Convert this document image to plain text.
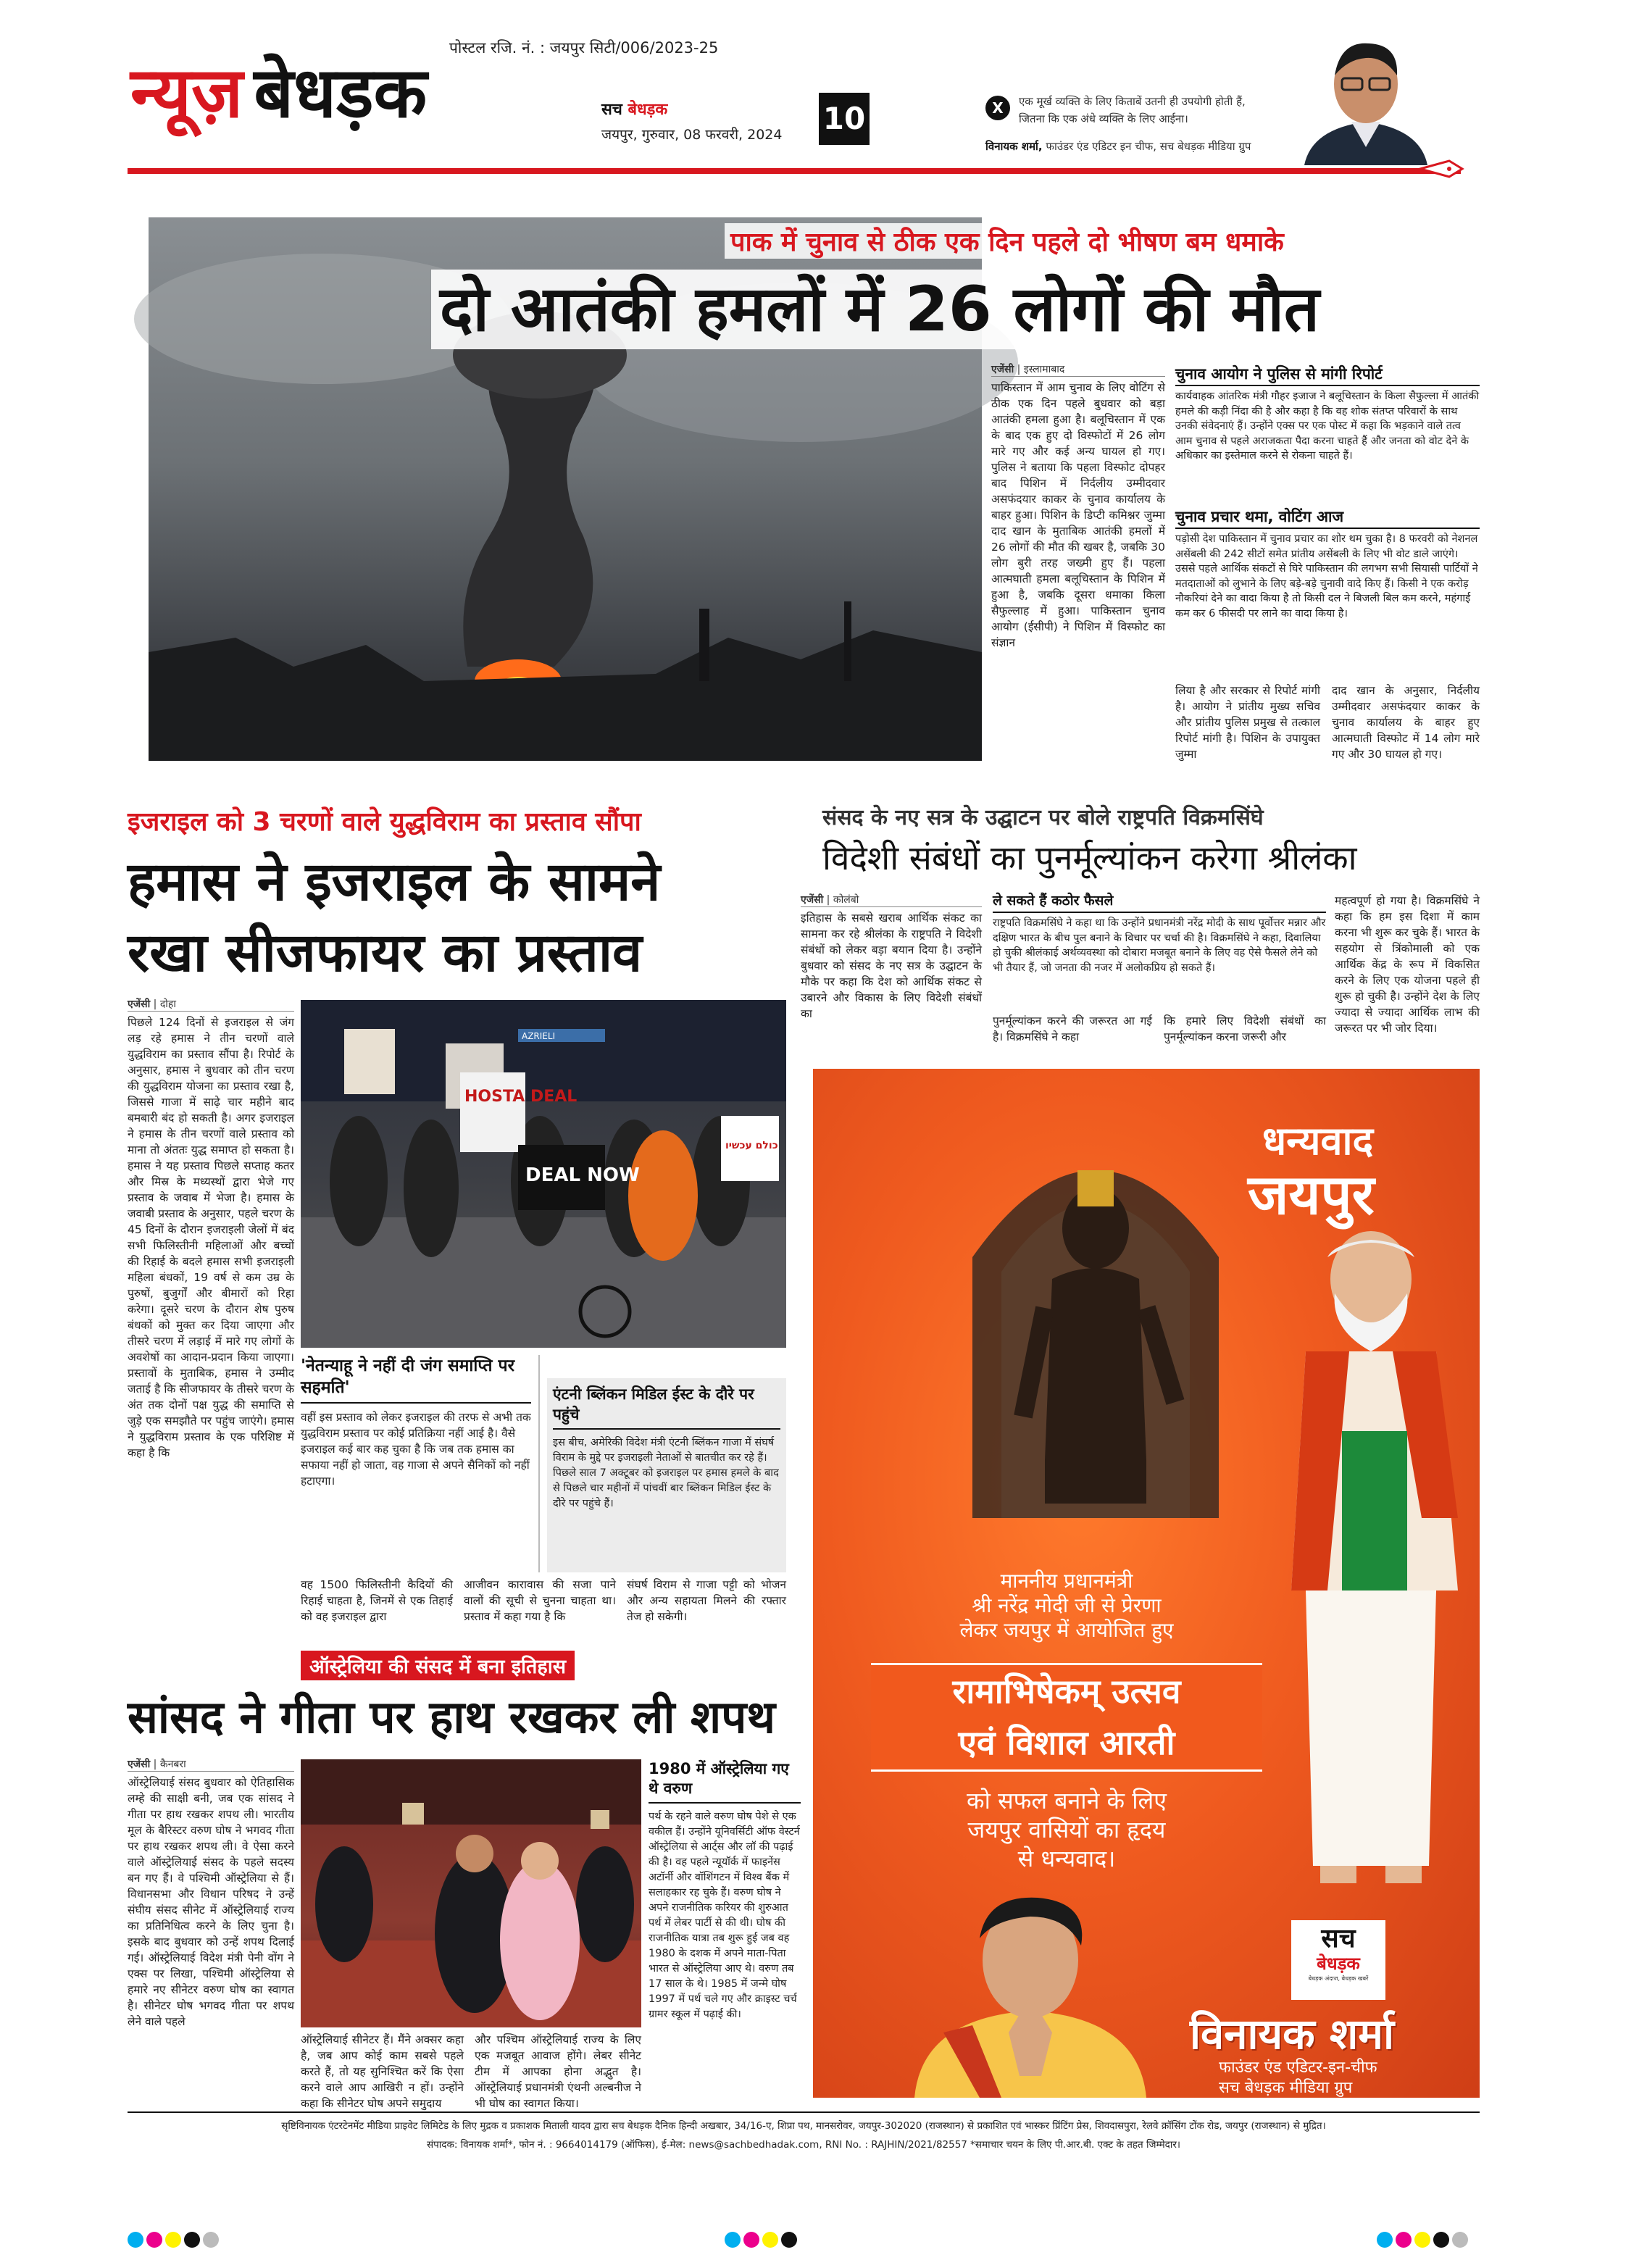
पोस्टल रजि. नं. : जयपुर सिटी/006/2023-25
न्यूज़ बेधड़क	सच बेधड़क
जयपुर, गुरुवार, 08 फरवरी, 2024 10	X	एक मूर्ख व्यक्ति के लिए किताबें उतनी ही उपयोगी होती हैं,
जितना कि एक अंधे व्यक्ति के लिए आईना।
विनायक शर्मा, फाउंडर एंड एडिटर इन चीफ, सच बेधड़क मीडिया ग्रुप
पाक में चुनाव से ठीक एक दिन पहले दो भीषण बम धमाके
दो आतंकी हमलों में 26 लोगों की मौत
एजेंसी | इस्लामाबाद
पाकिस्तान में आम चुनाव के लिए वोटिंग से ठीक एक दिन पहले बुधवार को बड़ा आतंकी हमला हुआ है। बलूचिस्तान में एक के बाद एक हुए दो विस्फोटों में 26 लोग मारे गए और कई अन्य घायल हो गए। पुलिस ने बताया कि पहला विस्फोट दोपहर बाद पिशिन में निर्दलीय उम्मीदवार असफंदयार काकर के चुनाव कार्यालय के बाहर हुआ। पिशिन के डिप्टी कमिश्नर जुम्मा दाद खान के मुताबिक आतंकी हमलों में 26 लोगों की मौत की खबर है, जबकि 30 लोग बुरी तरह जख्मी हुए हैं। पहला आत्मघाती हमला बलूचिस्तान के पिशिन में हुआ है, जबकि दूसरा धमाका किला सैफुल्लाह में हुआ। पाकिस्तान चुनाव आयोग (ईसीपी) ने पिशिन में विस्फोट का संज्ञान
चुनाव आयोग ने पुलिस से मांगी रिपोर्ट
कार्यवाहक आंतरिक मंत्री गौहर इजाज ने बलूचिस्तान के किला सैफुल्ला में आतंकी हमले की कड़ी निंदा की है और कहा है कि वह शोक संतप्त परिवारों के साथ उनकी संवेदनाएं हैं। उन्होंने एक्स पर एक पोस्ट में कहा कि भड़काने वाले तत्व आम चुनाव से पहले अराजकता पैदा करना चाहते हैं और जनता को वोट देने के अधिकार का इस्तेमाल करने से रोकना चाहते हैं।
चुनाव प्रचार थमा, वोटिंग आज
पड़ोसी देश पाकिस्तान में चुनाव प्रचार का शोर थम चुका है। 8 फरवरी को नेशनल असेंबली की 242 सीटों समेत प्रांतीय असेंबली के लिए भी वोट डाले जाएंगे। उससे पहले आर्थिक संकटों से घिरे पाकिस्तान की लगभग सभी सियासी पार्टियों ने मतदाताओं को लुभाने के लिए बड़े-बड़े चुनावी वादे किए हैं। किसी ने एक करोड़ नौकरियां देने का वादा किया है तो किसी दल ने बिजली बिल कम करने, महंगाई कम कर 6 फीसदी पर लाने का वादा किया है।
लिया है और सरकार से रिपोर्ट मांगी है। आयोग ने प्रांतीय मुख्य सचिव और प्रांतीय पुलिस प्रमुख से तत्काल रिपोर्ट मांगी है। पिशिन के उपायुक्त जुम्मा
दाद खान के अनुसार, निर्दलीय उम्मीदवार असफंदयार काकर के चुनाव कार्यालय के बाहर हुए आत्मघाती विस्फोट में 14 लोग मारे गए और 30 घायल हो गए।
इजराइल को 3 चरणों वाले युद्धविराम का प्रस्ताव सौंपा
हमास ने इजराइल के सामने
रखा सीजफायर का प्रस्ताव
एजेंसी | दोहा
पिछले 124 दिनों से इजराइल से जंग लड़ रहे हमास ने तीन चरणों वाले युद्धविराम का प्रस्ताव सौंपा है। रिपोर्ट के अनुसार, हमास ने बुधवार को तीन चरण की युद्धविराम योजना का प्रस्ताव रखा है, जिससे गाजा में साढ़े चार महीने बाद बमबारी बंद हो सकती है। अगर इजराइल ने हमास के तीन चरणों वाले प्रस्ताव को माना तो अंततः युद्ध समाप्त हो सकता है। हमास ने यह प्रस्ताव पिछले सप्ताह कतर और मिस्र के मध्यस्थों द्वारा भेजे गए प्रस्ताव के जवाब में भेजा है। हमास के जवाबी प्रस्ताव के अनुसार, पहले चरण के 45 दिनों के दौरान इजराइली जेलों में बंद सभी फिलिस्तीनी महिलाओं और बच्चों की रिहाई के बदले हमास सभी इजराइली महिला बंधकों, 19 वर्ष से कम उम्र के पुरुषों, बुजुर्गों और बीमारों को रिहा करेगा। दूसरे चरण के दौरान शेष पुरुष बंधकों को मुक्त कर दिया जाएगा और तीसरे चरण में लड़ाई में मारे गए लोगों के अवशेषों का आदान-प्रदान किया जाएगा। प्रस्तावों के मुताबिक, हमास ने उम्मीद जताई है कि सीजफायर के तीसरे चरण के अंत तक दोनों पक्ष युद्ध की समाप्ति से जुड़े एक समझौते पर पहुंच जाएंगे। हमास ने युद्धविराम प्रस्ताव के एक परिशिष्ट में कहा है कि
AZRIELI
HOSTA DEAL
DEAL NOW
כולם עכשיו
'नेतन्याहू ने नहीं दी जंग समाप्ति पर सहमति'
वहीं इस प्रस्ताव को लेकर इजराइल की तरफ से अभी तक युद्धविराम प्रस्ताव पर कोई प्रतिक्रिया नहीं आई है। वैसे इजराइल कई बार कह चुका है कि जब तक हमास का सफाया नहीं हो जाता, वह गाजा से अपने सैनिकों को नहीं हटाएगा।
एंटनी ब्लिंकन मिडिल ईस्ट के दौरे पर पहुंचे
इस बीच, अमेरिकी विदेश मंत्री एंटनी ब्लिंकन गाजा में संघर्ष विराम के मुद्दे पर इजराइली नेताओं से बातचीत कर रहे हैं। पिछले साल 7 अक्टूबर को इजराइल पर हमास हमले के बाद से पिछले चार महीनों में पांचवीं बार ब्लिंकन मिडिल ईस्ट के दौरे पर पहुंचे हैं।
वह 1500 फिलिस्तीनी कैदियों की रिहाई चाहता है, जिनमें से एक तिहाई को वह इजराइल द्वारा
आजीवन कारावास की सजा पाने वालों की सूची से चुनना चाहता था। प्रस्ताव में कहा गया है कि
संघर्ष विराम से गाजा पट्टी को भोजन और अन्य सहायता मिलने की रफ्तार तेज हो सकेगी।
संसद के नए सत्र के उद्घाटन पर बोले राष्ट्रपति विक्रमसिंघे
विदेशी संबंधों का पुनर्मूल्यांकन करेगा श्रीलंका
एजेंसी | कोलंबो
इतिहास के सबसे खराब आर्थिक संकट का सामना कर रहे श्रीलंका के राष्ट्रपति ने विदेशी संबंधों को लेकर बड़ा बयान दिया है। उन्होंने बुधवार को संसद के नए सत्र के उद्घाटन के मौके पर कहा कि देश को आर्थिक संकट से उबारने और विकास के लिए विदेशी संबंधों का
ले सकते हैं कठोर फैसले
राष्ट्रपति विक्रमसिंघे ने कहा था कि उन्होंने प्रधानमंत्री नरेंद्र मोदी के साथ पूर्वोत्तर मन्नार और दक्षिण भारत के बीच पुल बनाने के विचार पर चर्चा की है। विक्रमसिंघे ने कहा, दिवालिया हो चुकी श्रीलंकाई अर्थव्यवस्था को दोबारा मजबूत बनाने के लिए वह ऐसे फैसले लेने को भी तैयार हैं, जो जनता की नजर में अलोकप्रिय हो सकते हैं।
पुनर्मूल्यांकन करने की जरूरत आ गई है। विक्रमसिंघे ने कहा
कि हमारे लिए विदेशी संबंधों का पुनर्मूल्यांकन करना जरूरी और
महत्वपूर्ण हो गया है। विक्रमसिंघे ने कहा कि हम इस दिशा में काम करना भी शुरू कर चुके हैं। भारत के सहयोग से त्रिंकोमाली को एक आर्थिक केंद्र के रूप में विकसित करने के लिए एक योजना पहले ही शुरू हो चुकी है। उन्होंने देश के लिए ज्यादा से ज्यादा आर्थिक लाभ की जरूरत पर भी जोर दिया।
धन्यवाद
जयपुर
माननीय प्रधानमंत्री
श्री नरेंद्र मोदी जी से प्रेरणा
लेकर जयपुर में आयोजित हुए
रामाभिषेकम् उत्सव
एवं विशाल आरती
को सफल बनाने के लिए
जयपुर वासियों का हृदय
से धन्यवाद।
सच
बेधड़क
बेधड़क अंदाज, बेधड़क खबरें
विनायक शर्मा
फाउंडर एंड एडिटर-इन-चीफ
सच बेधड़क मीडिया ग्रुप
ऑस्ट्रेलिया की संसद में बना इतिहास
सांसद ने गीता पर हाथ रखकर ली शपथ
एजेंसी | कैनबरा
ऑस्ट्रेलियाई संसद बुधवार को ऐतिहासिक लम्हे की साक्षी बनी, जब एक सांसद ने गीता पर हाथ रखकर शपथ ली। भारतीय मूल के बैरिस्टर वरुण घोष ने भगवद गीता पर हाथ रखकर शपथ ली। वे ऐसा करने वाले ऑस्ट्रेलियाई संसद के पहले सदस्य बन गए हैं। वे पश्चिमी ऑस्ट्रेलिया से हैं। विधानसभा और विधान परिषद ने उन्हें संघीय संसद सीनेट में ऑस्ट्रेलियाई राज्य का प्रतिनिधित्व करने के लिए चुना है। इसके बाद बुधवार को उन्हें शपथ दिलाई गई। ऑस्ट्रेलियाई विदेश मंत्री पेनी वोंग ने एक्स पर लिखा, पश्चिमी ऑस्ट्रेलिया से हमारे नए सीनेटर वरुण घोष का स्वागत है। सीनेटर घोष भगवद गीता पर शपथ लेने वाले पहले
ऑस्ट्रेलियाई सीनेटर हैं। मैंने अक्सर कहा है, जब आप कोई काम सबसे पहले करते हैं, तो यह सुनिश्चित करें कि ऐसा करने वाले आप आखिरी न हों। उन्होंने कहा कि सीनेटर घोष अपने समुदाय
और पश्चिम ऑस्ट्रेलियाई राज्य के लिए एक मजबूत आवाज होंगे। लेबर सीनेट टीम में आपका होना अद्भुत है। ऑस्ट्रेलियाई प्रधानमंत्री एंथनी अल्बनीज ने भी घोष का स्वागत किया।
1980 में ऑस्ट्रेलिया गए थे वरुण
पर्थ के रहने वाले वरुण घोष पेशे से एक वकील हैं। उन्होंने यूनिवर्सिटी ऑफ वेस्टर्न ऑस्ट्रेलिया से आर्ट्स और लॉ की पढ़ाई की है। वह पहले न्यूयॉर्क में फाइनेंस अटॉर्नी और वॉशिंगटन में विश्व बैंक में सलाहकार रह चुके हैं। वरुण घोष ने अपने राजनीतिक करियर की शुरुआत पर्थ में लेबर पार्टी से की थी। घोष की राजनीतिक यात्रा तब शुरू हुई जब वह 1980 के दशक में अपने माता-पिता भारत से ऑस्ट्रेलिया आए थे। वरुण तब 17 साल के थे। 1985 में जन्मे घोष 1997 में पर्थ चले गए और क्राइस्ट चर्च ग्रामर स्कूल में पढ़ाई की।
सृष्टिविनायक एंटरटेनमेंट मीडिया प्राइवेट लिमिटेड के लिए मुद्रक व प्रकाशक मिताली यादव द्वारा सच बेधड़क दैनिक हिन्दी अखबार, 34/16-ए, शिप्रा पथ, मानसरोवर, जयपुर-302020 (राजस्थान) से प्रकाशित एवं भास्कर प्रिंटिंग प्रेस, शिवदासपुरा, रेलवे क्रॉसिंग टोंक रोड, जयपुर (राजस्थान) से मुद्रित।
संपादक: विनायक शर्मा*, फोन नं. : 9664014179 (ऑफिस), ई-मेल: news@sachbedhadak.com, RNI No. : RAJHIN/2021/82557 *समाचार चयन के लिए पी.आर.बी. एक्ट के तहत जिम्मेदार।
